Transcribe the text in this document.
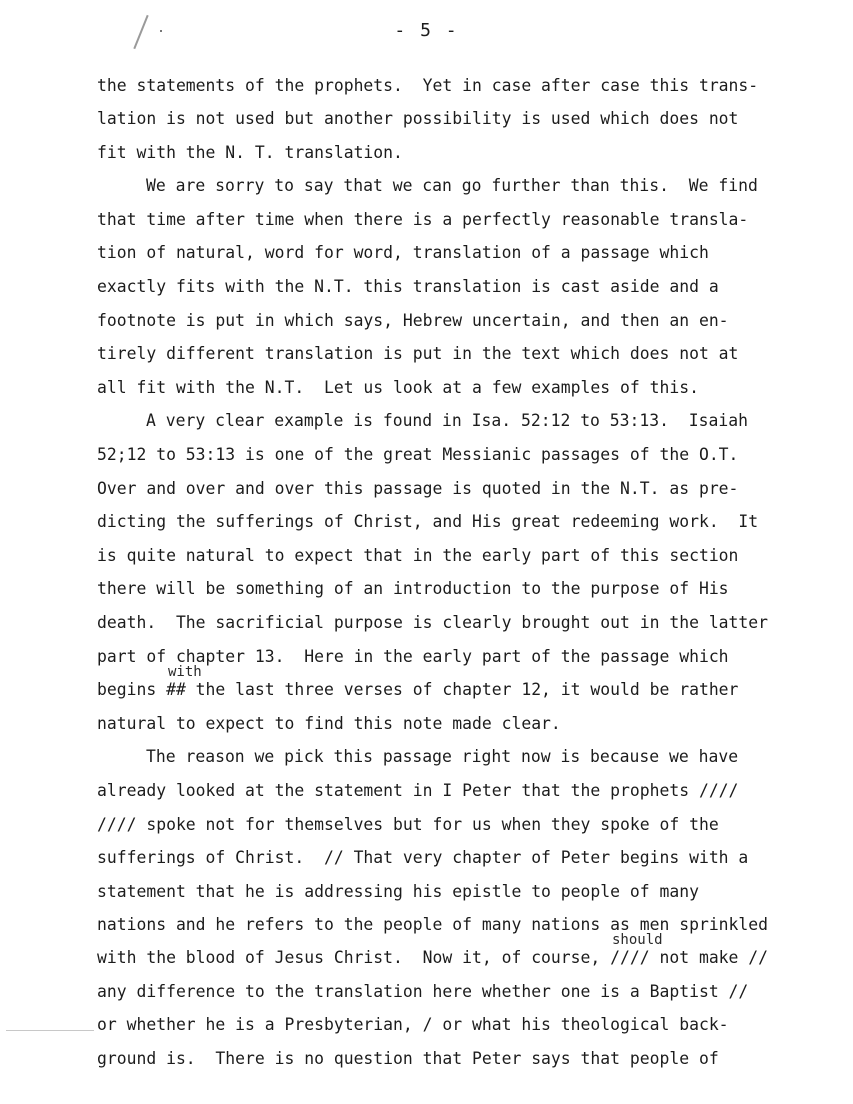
- 5 -
the statements of the prophets.  Yet in case after case this trans-
lation is not used but another possibility is used which does not
fit with the N. T. translation.
We are sorry to say that we can go further than this.  We find
that time after time when there is a perfectly reasonable transla-
tion of natural, word for word, translation of a passage which
exactly fits with the N.T. this translation is cast aside and a
footnote is put in which says, Hebrew uncertain, and then an en-
tirely different translation is put in the text which does not at
all fit with the N.T.  Let us look at a few examples of this.
A very clear example is found in Isa. 52:12 to 53:13.  Isaiah
52;12 to 53:13 is one of the great Messianic passages of the O.T.
Over and over and over this passage is quoted in the N.T. as pre-
dicting the sufferings of Christ, and His great redeeming work.  It
is quite natural to expect that in the early part of this section
there will be something of an introduction to the purpose of His
death.  The sacrificial purpose is clearly brought out in the latter
part of chapter 13.  Here in the early part of the passage which
with
begins ## the last three verses of chapter 12, it would be rather
natural to expect to find this note made clear.
The reason we pick this passage right now is because we have
already looked at the statement in I Peter that the prophets ////
//// spoke not for themselves but for us when they spoke of the
sufferings of Christ.  // That very chapter of Peter begins with a
statement that he is addressing his epistle to people of many
nations and he refers to the people of many nations as men sprinkled
should
with the blood of Jesus Christ.  Now it, of course, //// not make //
any difference to the translation here whether one is a Baptist //
or whether he is a Presbyterian, / or what his theological back-
ground is.  There is no question that Peter says that people of
